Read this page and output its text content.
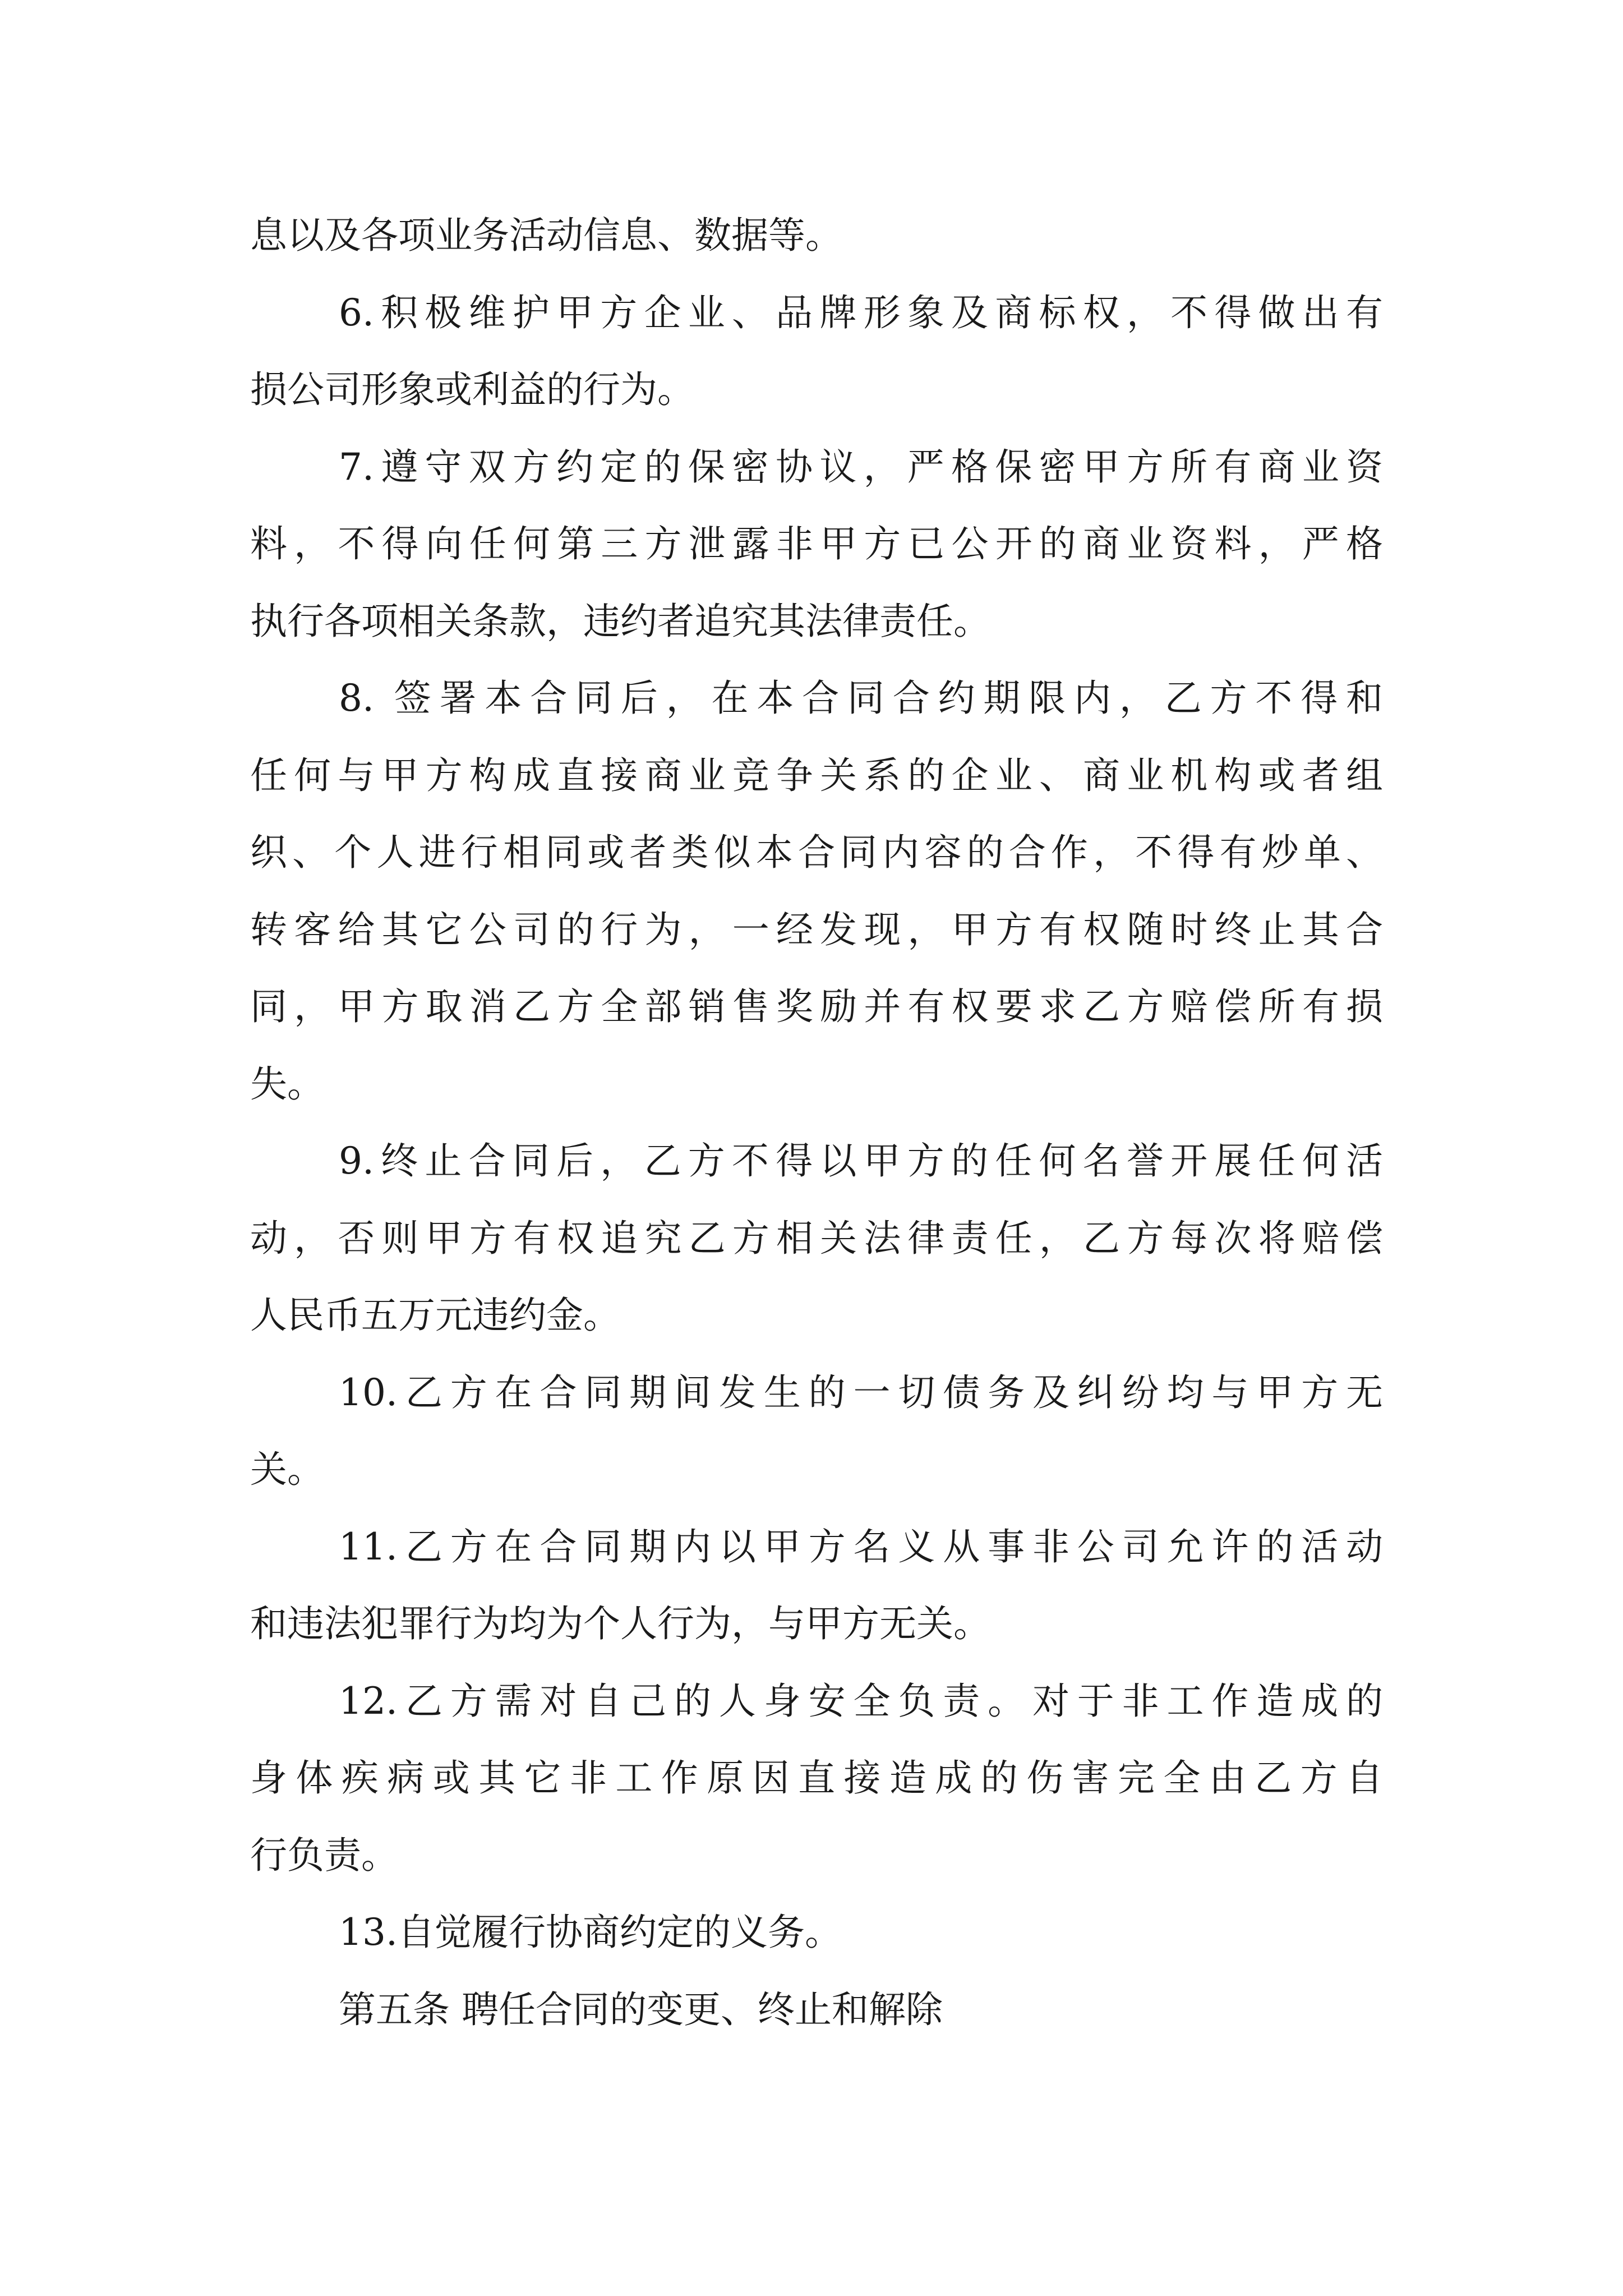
息以及各项业务活动信息、数据等。
6.积极维护甲方企业、品牌形象及商标权，不得做出有
损公司形象或利益的行为。
7.遵守双方约定的保密协议，严格保密甲方所有商业资
料，不得向任何第三方泄露非甲方已公开的商业资料，严格
执行各项相关条款，违约者追究其法律责任。
8. 签署本合同后，在本合同合约期限内，乙方不得和
任何与甲方构成直接商业竞争关系的企业、商业机构或者组
织、个人进行相同或者类似本合同内容的合作，不得有炒单、
转客给其它公司的行为，一经发现，甲方有权随时终止其合
同，甲方取消乙方全部销售奖励并有权要求乙方赔偿所有损
失。
9.终止合同后，乙方不得以甲方的任何名誉开展任何活
动，否则甲方有权追究乙方相关法律责任，乙方每次将赔偿
人民币五万元违约金。
10.乙方在合同期间发生的一切债务及纠纷均与甲方无
关。
11.乙方在合同期内以甲方名义从事非公司允许的活动
和违法犯罪行为均为个人行为，与甲方无关。
12.乙方需对自己的人身安全负责。对于非工作造成的
身体疾病或其它非工作原因直接造成的伤害完全由乙方自
行负责。
13.自觉履行协商约定的义务。
第五条 聘任合同的变更、终止和解除
